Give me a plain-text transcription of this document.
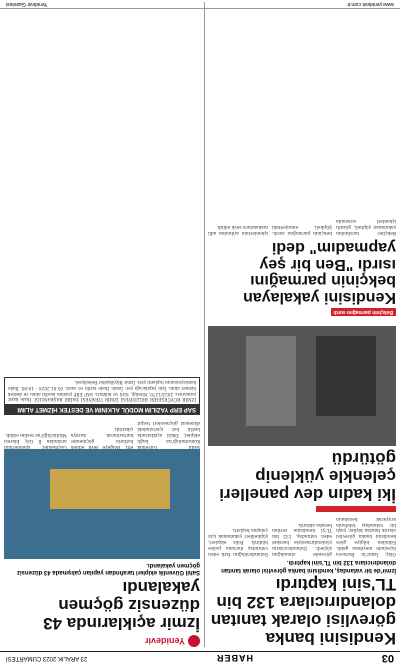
03
HABER
23 ARALIK 2023 CUMARTESİ
Kendisini banka görevlisi olarak tanıtan dolandırıcılara 132 bin TL'sini kaptırdı
İzmir'de bir vatandaş, kendisini banka görevlisi olarak tanıtan dolandırıcılara 132 bin TL'sini kaptırdı.

Olay, İzmir'in Bornova ilçesinde meydana geldi. Edinilen bilgiye göre kendisini banka görevlisi olarak tanıtan kişiler, yaşlı bir vatandaşı telefonla arayarak hesabının güvende olmadığını söyledi. Dolandırıcıların yönlendirmesiyle hareket eden vatandaş, 132 bin TL'yi kendisine verilen hesaba aktardı.

Dolandırıldığını fark eden vatandaş durumu polise bildirdi. Polis ekipleri, şüphelileri yakalamak için çalışma başlattı.

İki kadın dev panelleri çelenkle yüklenip götürdü
Bekçinin parmağını ısırdı
Kendisini yakalayan bekçinin parmağını ısırdı "Ben bir şey yapmadım" dedi

Bekçiler tarafından yakalanan şüpheli, gözaltı işlemleri sırasında bekçinin parmağını ısırdı. Şüpheli, emniyetteki işlemlerinin ardından adli makamlara sevk edildi.

Yenidevir
İzmir açıklarında 43 düzensiz göçmen yakalandı
Sahil Güvenlik ekipleri tarafından yapılan çalışmada 43 düzensiz göçmen yakalandı.

Sahil Güvenlik Komutanlığı'na bağlı ekipler, Dikili açıklarında lastik bot içerisindeki düzensiz göçmenleri tespit etti. Bölgeye sevk edilen botlarla göçmenler kurtarılarak karaya çıkarıldı.

Göçmenler, işlemlerinin ardından İl Göç İdaresi Müdürlüğü'ne teslim edildi.

SAP ERP YAZILIM MODÜL ALKINIM VE DESTEK HİZMET ALIMI
İZMİR BÜYÜKŞEHİR BELEDİYESİ İZMİR İTFAİYESİ DAİRE BAŞKANLIĞI. İhale kayıt numarası: 2023/1270. Niteliği, türü ve miktarı: SAP ERP yazılım modül alımı ve destek hizmet alımı. İşin yapılacağı yer: İzmir. İhale tarihi ve saati: 05.01.2024 - 10:00. İhale komisyonunun toplantı yeri: İzmir Büyükşehir Belediyesi.
www.yenidevir.com.tr
Yenidevir Gazetesi
